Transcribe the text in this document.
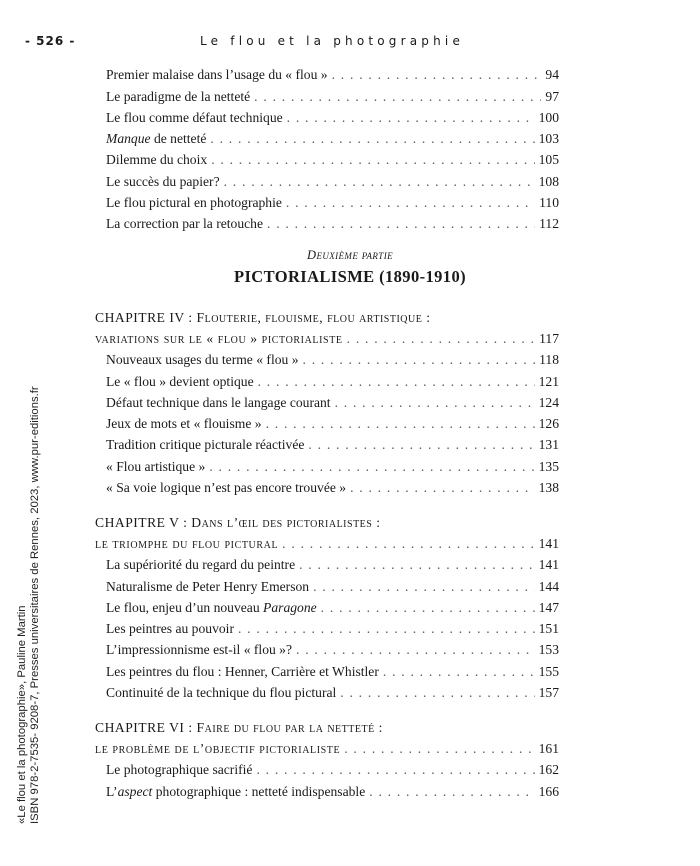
- 526 -	Le flou et la photographie
«Le flou et la photographie», Pauline Martin ISBN 978-2-7535- 9208-7, Presses universitaires de Rennes, 2023, www.pur-editions.fr
Premier malaise dans l’usage du « flou » . . .	94
Le paradigme de la netteté . . .	97
Le flou comme défaut technique . . .	100
Manque de netteté . . .	103
Dilemme du choix . . .	105
Le succès du papier? . . .	108
Le flou pictural en photographie . . .	110
La correction par la retouche . . .	112
Deuxième partie
PICTORIALISME (1890-1910)
CHAPITRE IV : Flouterie, flouisme, flou artistique :
variations sur le « flou » pictorialiste . . .	117
Nouveaux usages du terme « flou » . . .	118
Le « flou » devient optique . . .	121
Défaut technique dans le langage courant . . .	124
Jeux de mots et « flouisme » . . .	126
Tradition critique picturale réactivée . . .	131
« Flou artistique » . . .	135
« Sa voie logique n’est pas encore trouvée » . . .	138
CHAPITRE V : Dans l’œil des pictorialistes :
le triomphe du flou pictural . . .	141
La supériorité du regard du peintre . . .	141
Naturalisme de Peter Henry Emerson . . .	144
Le flou, enjeu d’un nouveau Paragone . . .	147
Les peintres au pouvoir . . .	151
L’impressionnisme est-il « flou »? . . .	153
Les peintres du flou : Henner, Carrière et Whistler . . .	155
Continuité de la technique du flou pictural . . .	157
CHAPITRE VI : Faire du flou par la netteté :
le problème de l’objectif pictorialiste . . .	161
Le photographique sacrifié . . .	162
L’aspect photographique : netteté indispensable . . .	166
